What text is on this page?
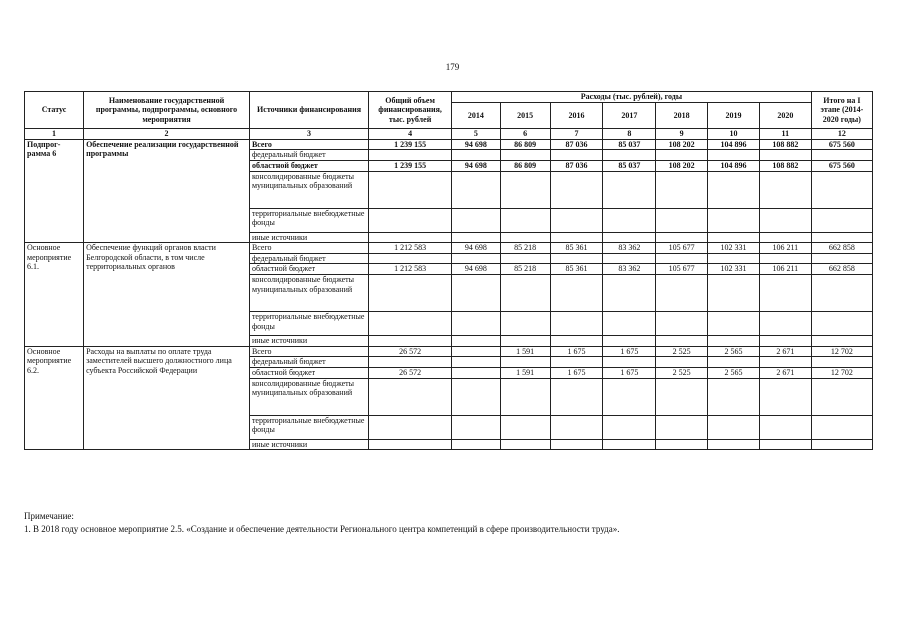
179
Статус	Наименование государственной программы, подпрограммы, основного мероприятия	Источники финансирования	Общий объем финансирования, тыс. рублей	Расходы (тыс. рублей), годы							Итого на I этапе (2014-2020 годы)
				2014	2015	2016	2017	2018	2019	2020	
1	2	3	4	5	6	7	8	9	10	11	12
Подпрог-рамма 6	Обеспечение реализации государственной программы	Всего	1 239 155	94 698	86 809	87 036	85 037	108 202	104 896	108 882	675 560
		федеральный бюджет									
		областной бюджет	1 239 155	94 698	86 809	87 036	85 037	108 202	104 896	108 882	675 560
		консолидированные бюджеты муниципальных образований									
		территориальные внебюджетные фонды									
		иные источники									
Основное мероприятие 6.1.	Обеспечение функций органов власти Белгородской области, в том числе территориальных органов	Всего	1 212 583	94 698	85 218	85 361	83 362	105 677	102 331	106 211	662 858
		федеральный бюджет									
		областной бюджет	1 212 583	94 698	85 218	85 361	83 362	105 677	102 331	106 211	662 858
		консолидированные бюджеты муниципальных образований									
		территориальные внебюджетные фонды									
		иные источники									
Основное мероприятие 6.2.	Расходы на выплаты по оплате труда заместителей высшего должностного лица субъекта Российской Федерации	Всего	26 572		1 591	1 675	1 675	2 525	2 565	2 671	12 702
		федеральный бюджет									
		областной бюджет	26 572		1 591	1 675	1 675	2 525	2 565	2 671	12 702
		консолидированные бюджеты муниципальных образований									
		территориальные внебюджетные фонды									
		иные источники									
Примечание:
1. В 2018 году основное мероприятие 2.5. «Создание и обеспечение деятельности Регионального центра компетенций в сфере производительности труда».
